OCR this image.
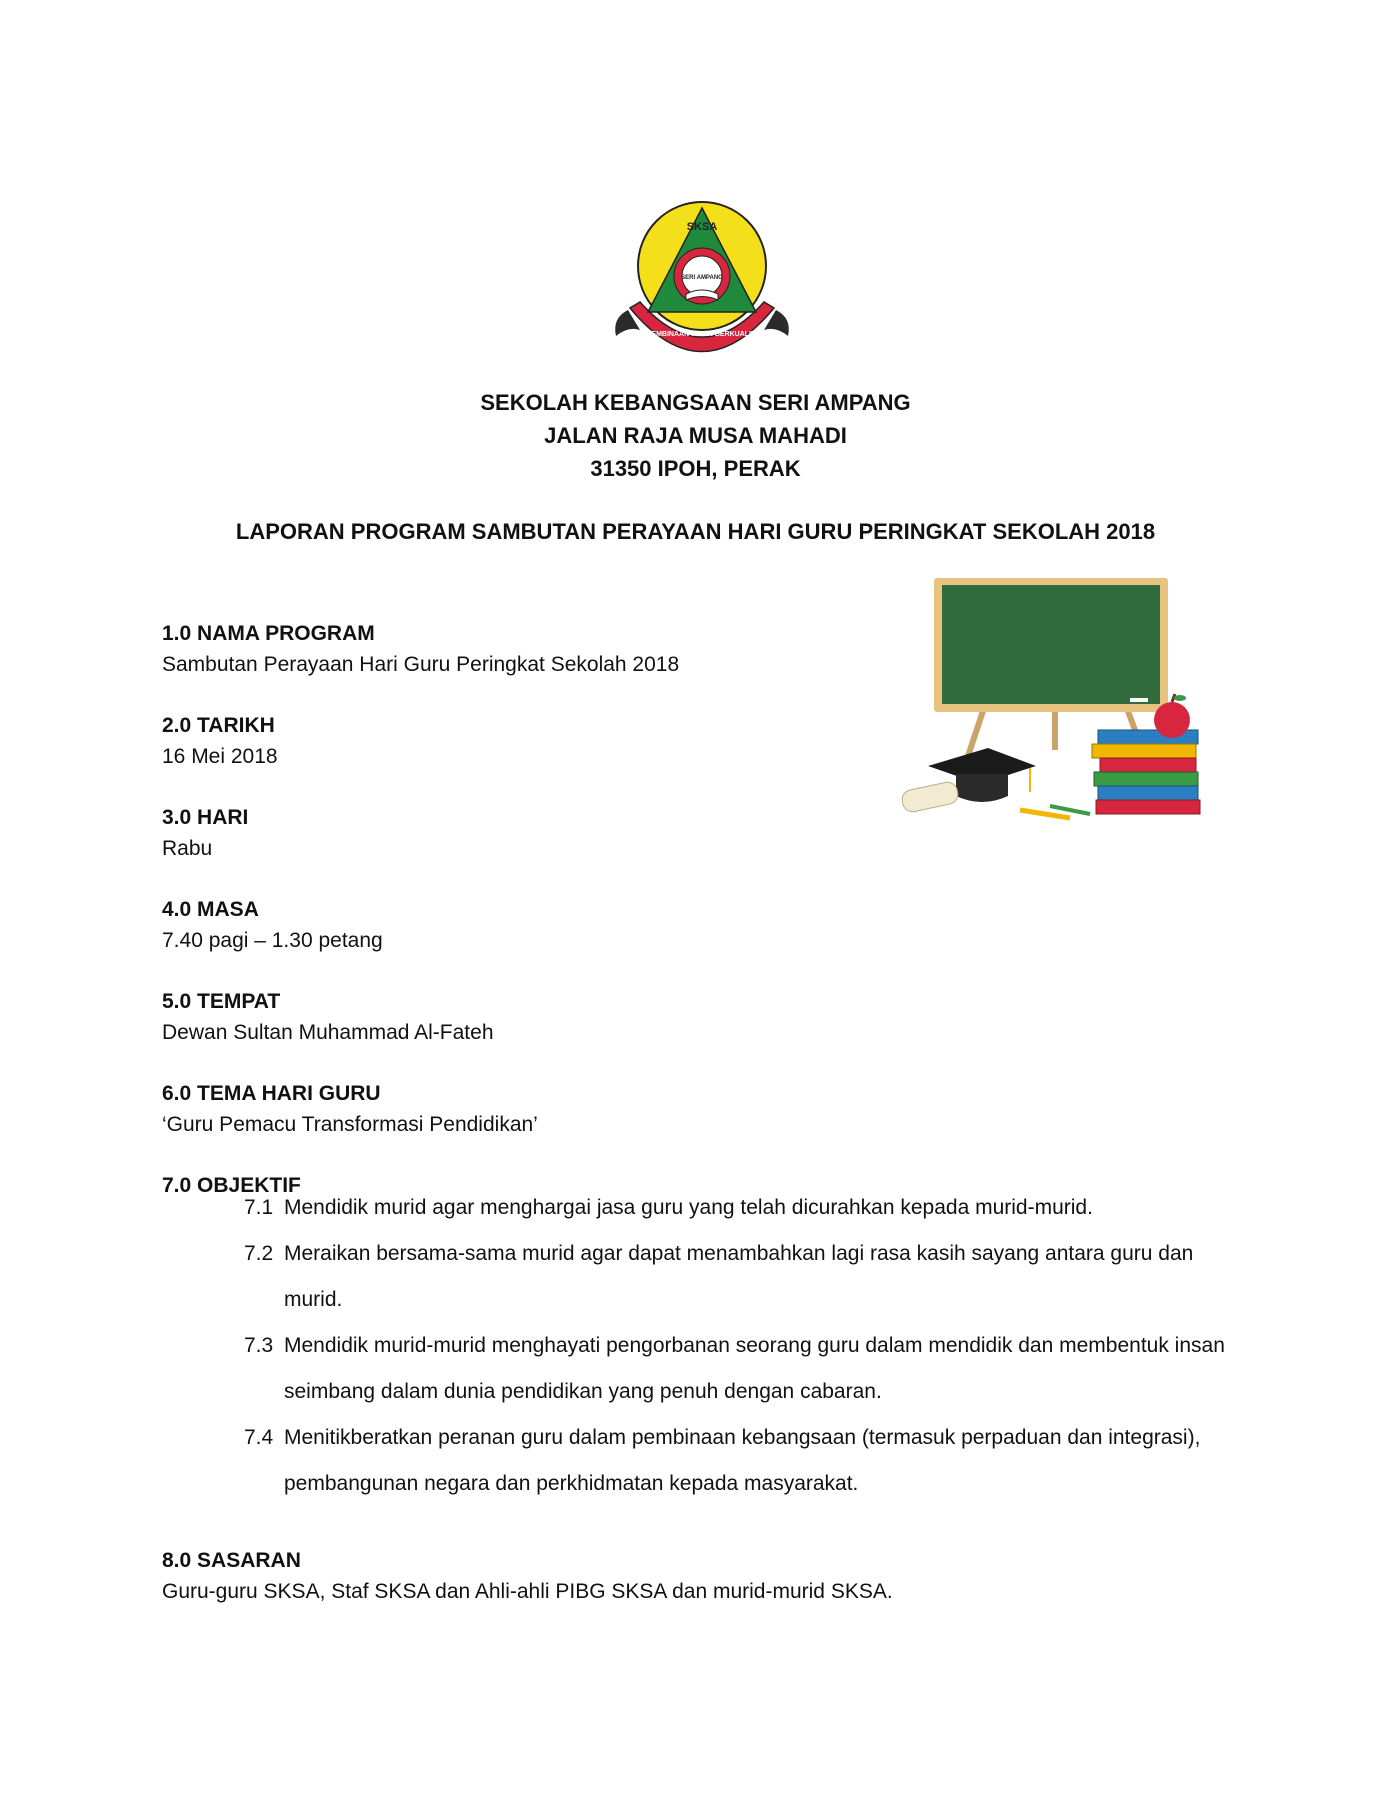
SKSA
SERI AMPANG
PEMBINAAN INSAN BERKUALITI
SEKOLAH KEBANGSAAN SERI AMPANG
JALAN RAJA MUSA MAHADI
31350 IPOH, PERAK
LAPORAN PROGRAM SAMBUTAN PERAYAAN HARI GURU PERINGKAT SEKOLAH 2018
1.0 NAMA PROGRAM
Sambutan Perayaan Hari Guru Peringkat Sekolah 2018
2.0 TARIKH
16 Mei 2018
3.0 HARI
Rabu
4.0 MASA
7.40 pagi – 1.30 petang
5.0 TEMPAT
Dewan Sultan Muhammad Al-Fateh
6.0 TEMA HARI GURU
‘Guru Pemacu Transformasi Pendidikan’
7.0 OBJEKTIF
7.1 Mendidik murid agar menghargai jasa guru yang telah dicurahkan kepada murid-murid.
7.2 Meraikan bersama-sama murid agar dapat menambahkan lagi rasa kasih sayang antara guru dan murid.
7.3 Mendidik murid-murid menghayati pengorbanan seorang guru dalam mendidik dan membentuk insan seimbang dalam dunia pendidikan yang penuh dengan cabaran.
7.4 Menitikberatkan peranan guru dalam pembinaan kebangsaan (termasuk perpaduan dan integrasi), pembangunan negara dan perkhidmatan kepada masyarakat.
8.0 SASARAN
Guru-guru SKSA, Staf SKSA dan Ahli-ahli PIBG SKSA dan murid-murid SKSA.
